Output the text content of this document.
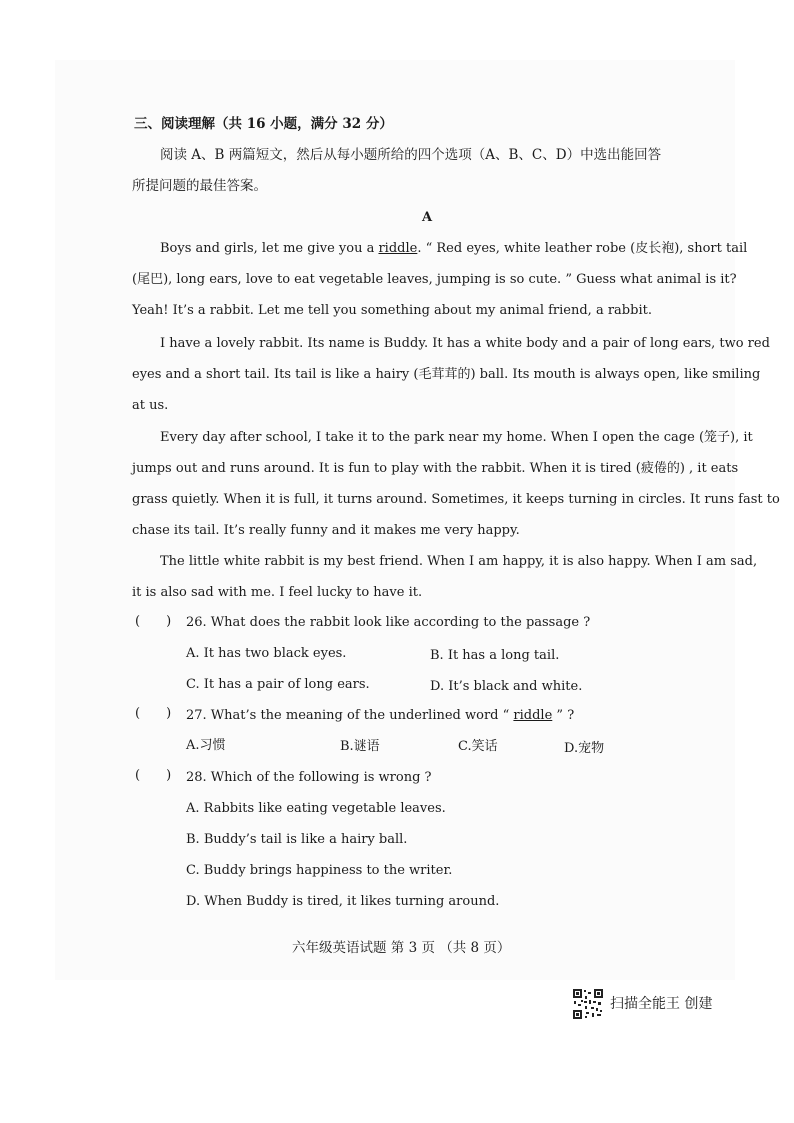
三、阅读理解（共 16 小题，满分 32 分）
阅读 A、B 两篇短文，然后从每小题所给的四个选项（A、B、C、D）中选出能回答
所提问题的最佳答案。
A
Boys and girls, let me give you a riddle. “ Red eyes, white leather robe (皮长袍), short tail
(尾巴), long ears, love to eat vegetable leaves, jumping is so cute. ” Guess what animal is it?
Yeah! It’s a rabbit. Let me tell you something about my animal friend, a rabbit.
I have a lovely rabbit. Its name is Buddy. It has a white body and a pair of long ears, two red
eyes and a short tail. Its tail is like a hairy (毛茸茸的) ball. Its mouth is always open, like smiling
at us.
Every day after school, I take it to the park near my home. When I open the cage (笼子), it
jumps out and runs around. It is fun to play with the rabbit. When it is tired (疲倦的) , it eats
grass quietly. When it is full, it turns around. Sometimes, it keeps turning in circles. It runs fast to
chase its tail. It’s really funny and it makes me very happy.
The little white rabbit is my best friend. When I am happy, it is also happy. When I am sad,
it is also sad with me. I feel lucky to have it.
(　　) 26. What does the rabbit look like according to the passage ?
A. It has two black eyes.	B. It has a long tail.
C. It has a pair of long ears.	D. It’s black and white.
(　　) 27. What’s the meaning of the underlined word “ riddle ” ?
A.习惯	B.谜语	C.笑话	D.宠物
(　　) 28. Which of the following is wrong ?
A. Rabbits like eating vegetable leaves.
B. Buddy’s tail is like a hairy ball.
C. Buddy brings happiness to the writer.
D. When Buddy is tired, it likes turning around.
六年级英语试题 第 3 页 （共 8 页）
扫描全能王 创建
